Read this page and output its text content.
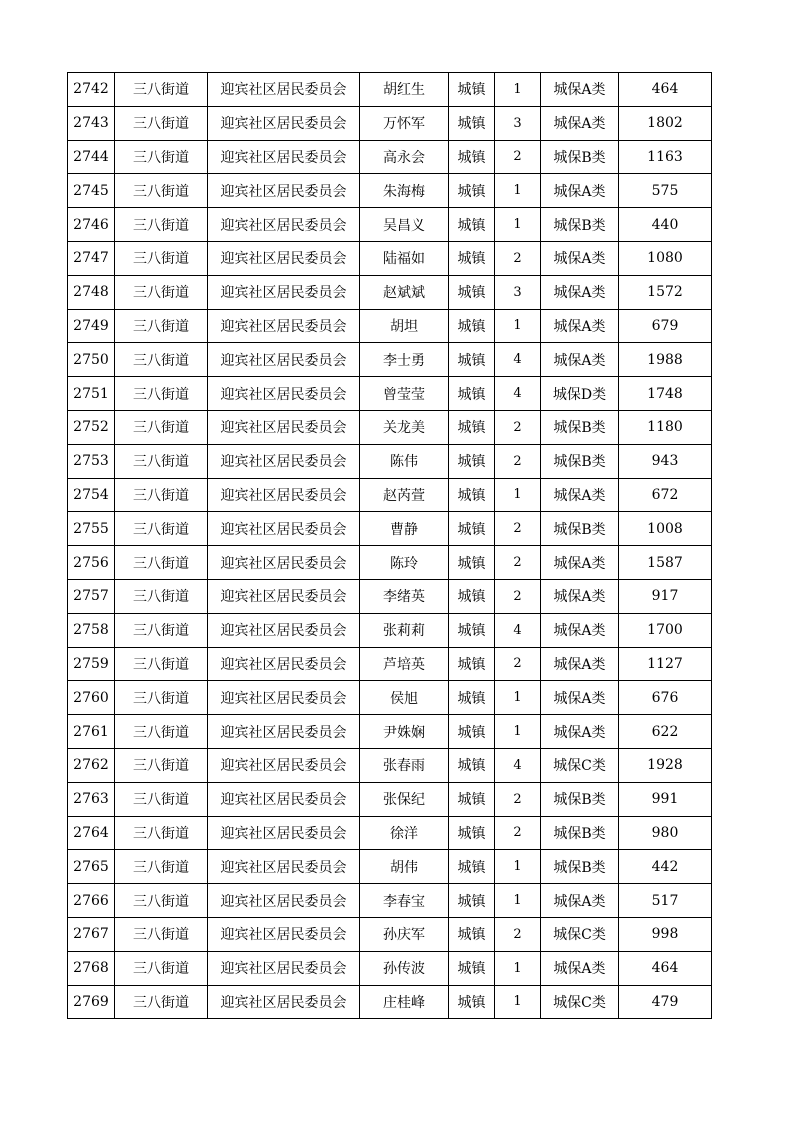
2742	三八街道	迎宾社区居民委员会	胡红生	城镇	1	城保A类	464
2743	三八街道	迎宾社区居民委员会	万怀军	城镇	3	城保A类	1802
2744	三八街道	迎宾社区居民委员会	高永会	城镇	2	城保B类	1163
2745	三八街道	迎宾社区居民委员会	朱海梅	城镇	1	城保A类	575
2746	三八街道	迎宾社区居民委员会	吴昌义	城镇	1	城保B类	440
2747	三八街道	迎宾社区居民委员会	陆福如	城镇	2	城保A类	1080
2748	三八街道	迎宾社区居民委员会	赵斌斌	城镇	3	城保A类	1572
2749	三八街道	迎宾社区居民委员会	胡坦	城镇	1	城保A类	679
2750	三八街道	迎宾社区居民委员会	李士勇	城镇	4	城保A类	1988
2751	三八街道	迎宾社区居民委员会	曾莹莹	城镇	4	城保D类	1748
2752	三八街道	迎宾社区居民委员会	关龙美	城镇	2	城保B类	1180
2753	三八街道	迎宾社区居民委员会	陈伟	城镇	2	城保B类	943
2754	三八街道	迎宾社区居民委员会	赵芮萱	城镇	1	城保A类	672
2755	三八街道	迎宾社区居民委员会	曹静	城镇	2	城保B类	1008
2756	三八街道	迎宾社区居民委员会	陈玲	城镇	2	城保A类	1587
2757	三八街道	迎宾社区居民委员会	李绪英	城镇	2	城保A类	917
2758	三八街道	迎宾社区居民委员会	张莉莉	城镇	4	城保A类	1700
2759	三八街道	迎宾社区居民委员会	芦培英	城镇	2	城保A类	1127
2760	三八街道	迎宾社区居民委员会	侯旭	城镇	1	城保A类	676
2761	三八街道	迎宾社区居民委员会	尹姝娴	城镇	1	城保A类	622
2762	三八街道	迎宾社区居民委员会	张春雨	城镇	4	城保C类	1928
2763	三八街道	迎宾社区居民委员会	张保纪	城镇	2	城保B类	991
2764	三八街道	迎宾社区居民委员会	徐洋	城镇	2	城保B类	980
2765	三八街道	迎宾社区居民委员会	胡伟	城镇	1	城保B类	442
2766	三八街道	迎宾社区居民委员会	李春宝	城镇	1	城保A类	517
2767	三八街道	迎宾社区居民委员会	孙庆军	城镇	2	城保C类	998
2768	三八街道	迎宾社区居民委员会	孙传波	城镇	1	城保A类	464
2769	三八街道	迎宾社区居民委员会	庄桂峰	城镇	1	城保C类	479
